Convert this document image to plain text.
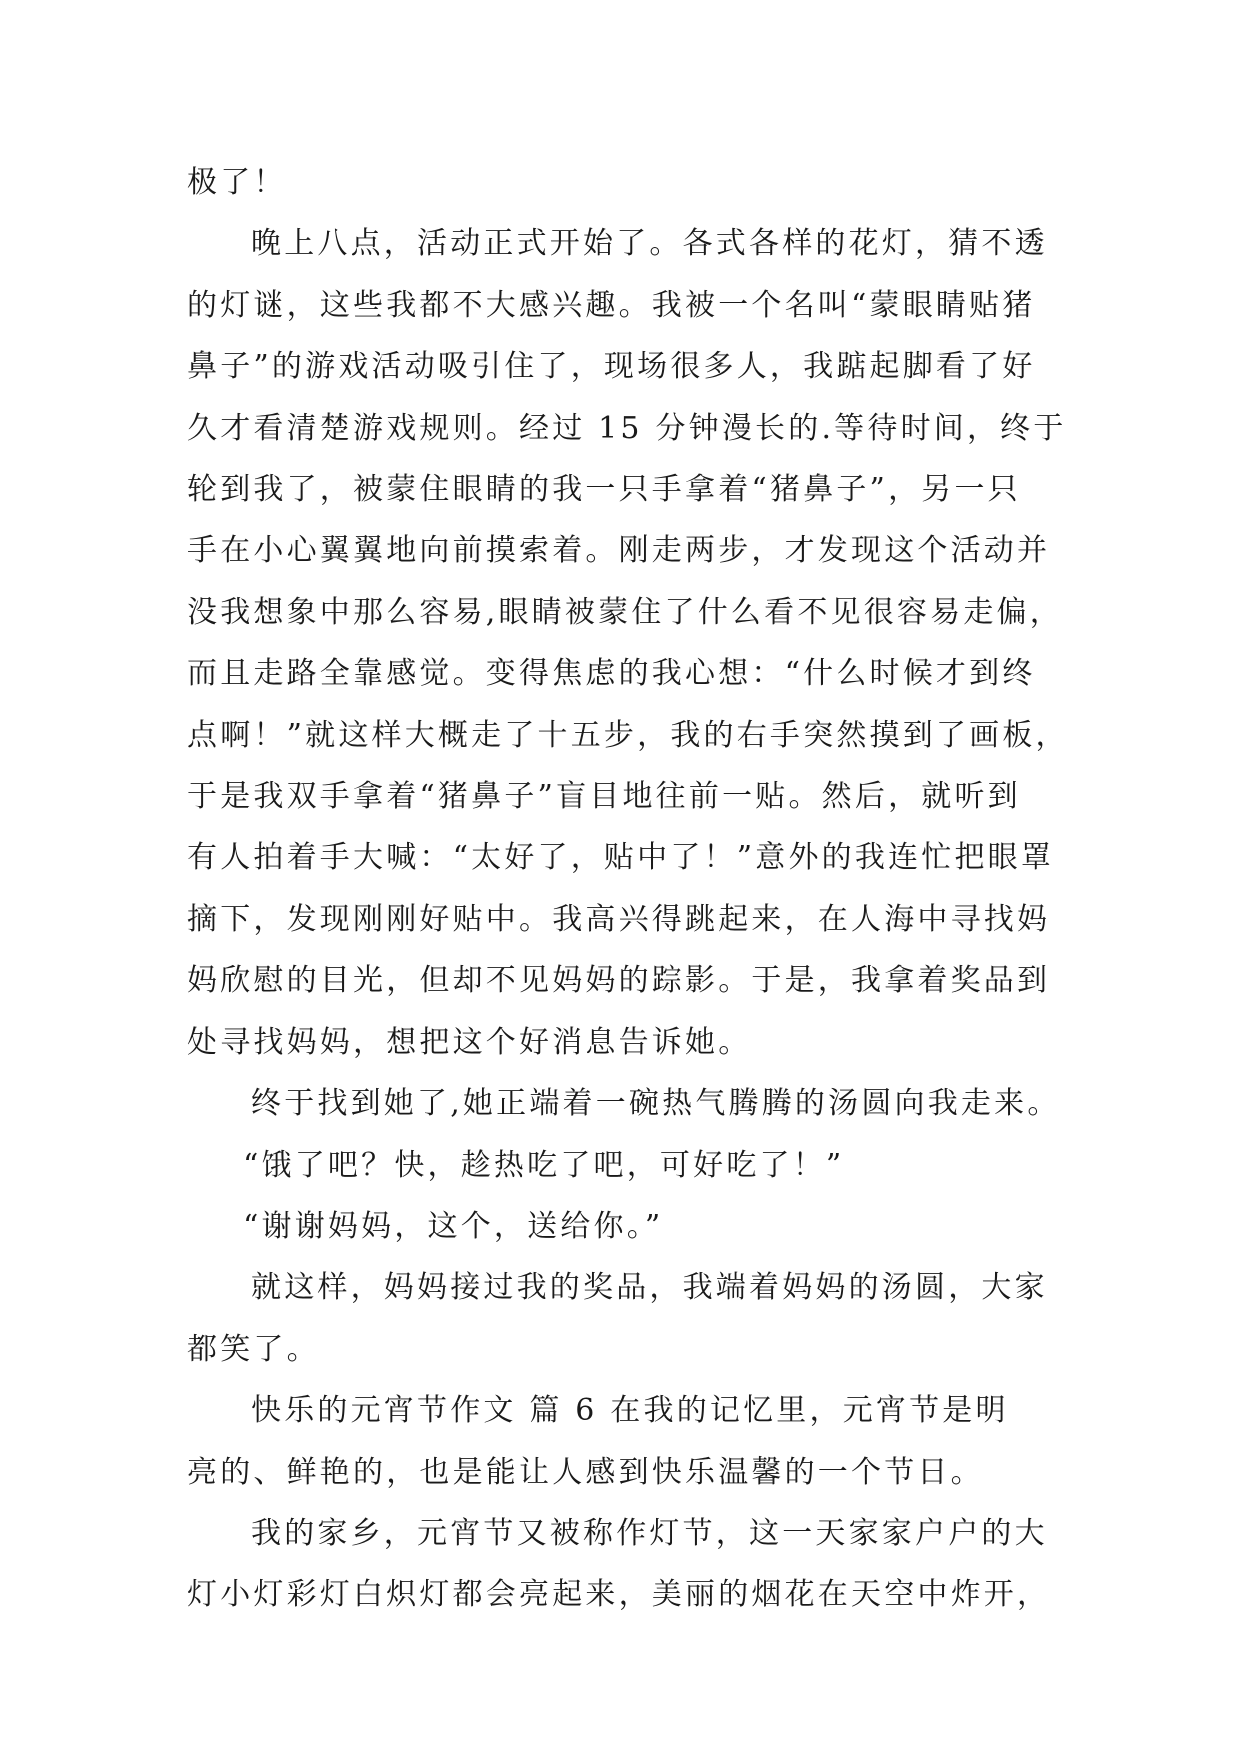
极了！

晚上八点，活动正式开始了。各式各样的花灯，猜不透

的灯谜，这些我都不大感兴趣。我被一个名叫“蒙眼睛贴猪

鼻子”的游戏活动吸引住了，现场很多人，我踮起脚看了好

久才看清楚游戏规则。经过 15 分钟漫长的.等待时间，终于

轮到我了，被蒙住眼睛的我一只手拿着“猪鼻子”，另一只

手在小心翼翼地向前摸索着。刚走两步，才发现这个活动并

没我想象中那么容易,眼睛被蒙住了什么看不见很容易走偏，

而且走路全靠感觉。变得焦虑的我心想：“什么时候才到终

点啊！”就这样大概走了十五步，我的右手突然摸到了画板，

于是我双手拿着“猪鼻子”盲目地往前一贴。然后，就听到

有人拍着手大喊：“太好了，贴中了！”意外的我连忙把眼罩

摘下，发现刚刚好贴中。我高兴得跳起来，在人海中寻找妈

妈欣慰的目光，但却不见妈妈的踪影。于是，我拿着奖品到

处寻找妈妈，想把这个好消息告诉她。

终于找到她了,她正端着一碗热气腾腾的汤圆向我走来。

“饿了吧？快，趁热吃了吧，可好吃了！”

“谢谢妈妈，这个，送给你。”

就这样，妈妈接过我的奖品，我端着妈妈的汤圆，大家

都笑了。

快乐的元宵节作文 篇 6 在我的记忆里，元宵节是明

亮的、鲜艳的，也是能让人感到快乐温馨的一个节日。

我的家乡，元宵节又被称作灯节，这一天家家户户的大

灯小灯彩灯白炽灯都会亮起来，美丽的烟花在天空中炸开，
